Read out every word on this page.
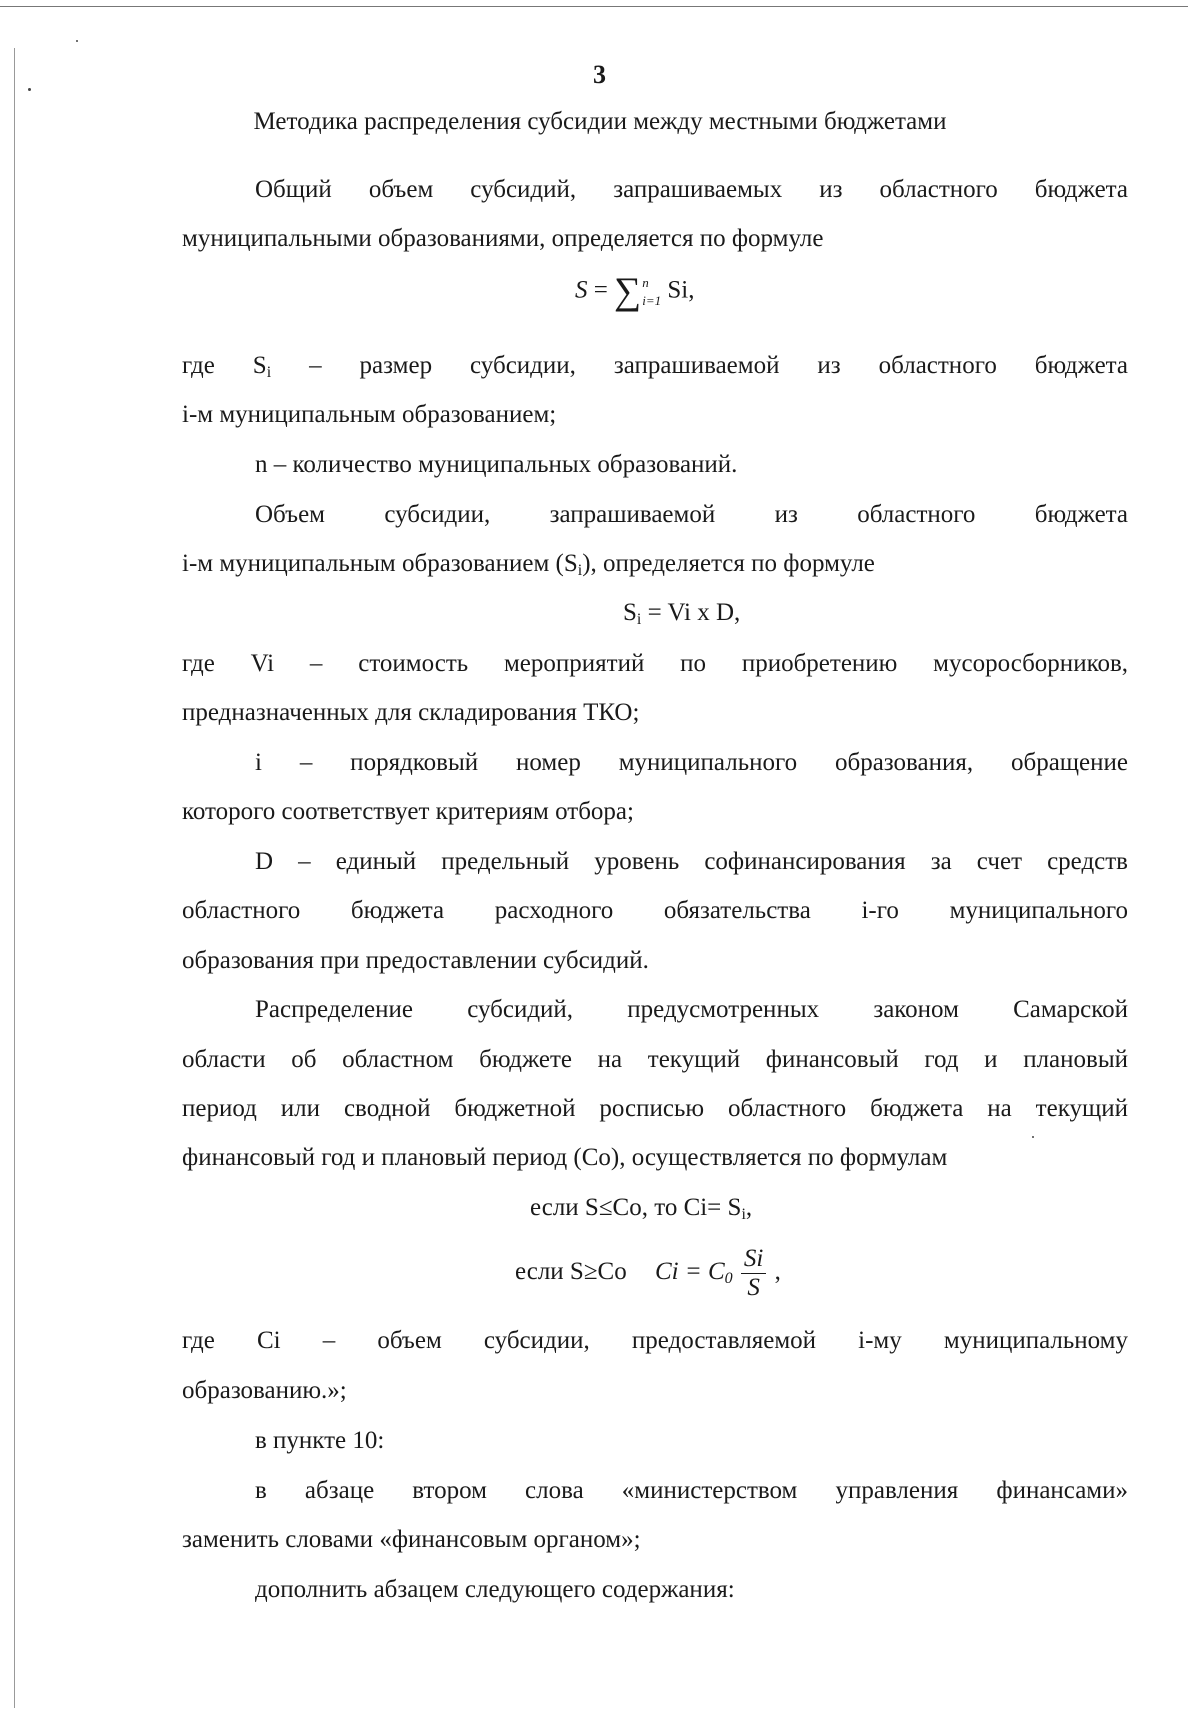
3
Методика распределения субсидии между местными бюджетами
Общий объем субсидий, запрашиваемых из областного бюджета
муниципальными образованиями, определяется по формуле
S = ∑ n
i=1 Si,
где $S_i$ – размер субсидии, запрашиваемой из областного бюджета
i-м муниципальным образованием;
n – количество муниципальных образований.
Объем субсидии, запрашиваемой из областного бюджета
i-м муниципальным образованием $(S_i)$, определяется по формуле
$S_i = Vi$ x D,
где Vi – стоимость мероприятий по приобретению мусоросборников,
предназначенных для складирования ТКО;
i – порядковый номер муниципального образования, обращение
которого соответствует критериям отбора;
D – единый предельный уровень софинансирования за счет средств
областного бюджета расходного обязательства i-го муниципального
образования при предоставлении субсидий.
Распределение субсидий, предусмотренных законом Самарской
области об областном бюджете на текущий финансовый год и плановый
период или сводной бюджетной росписью областного бюджета на текущий
финансовый год и плановый период (Со), осуществляется по формулам
если S≤Co, то $Ci= S_i$,
если S≥Co $Ci = C_0 \frac{Si}{S}$ ,
где Ci – объем субсидии, предоставляемой i-му муниципальному
образованию.»;
в пункте 10:
в абзаце втором слова «министерством управления финансами»
заменить словами «финансовым органом»;
дополнить абзацем следующего содержания:
